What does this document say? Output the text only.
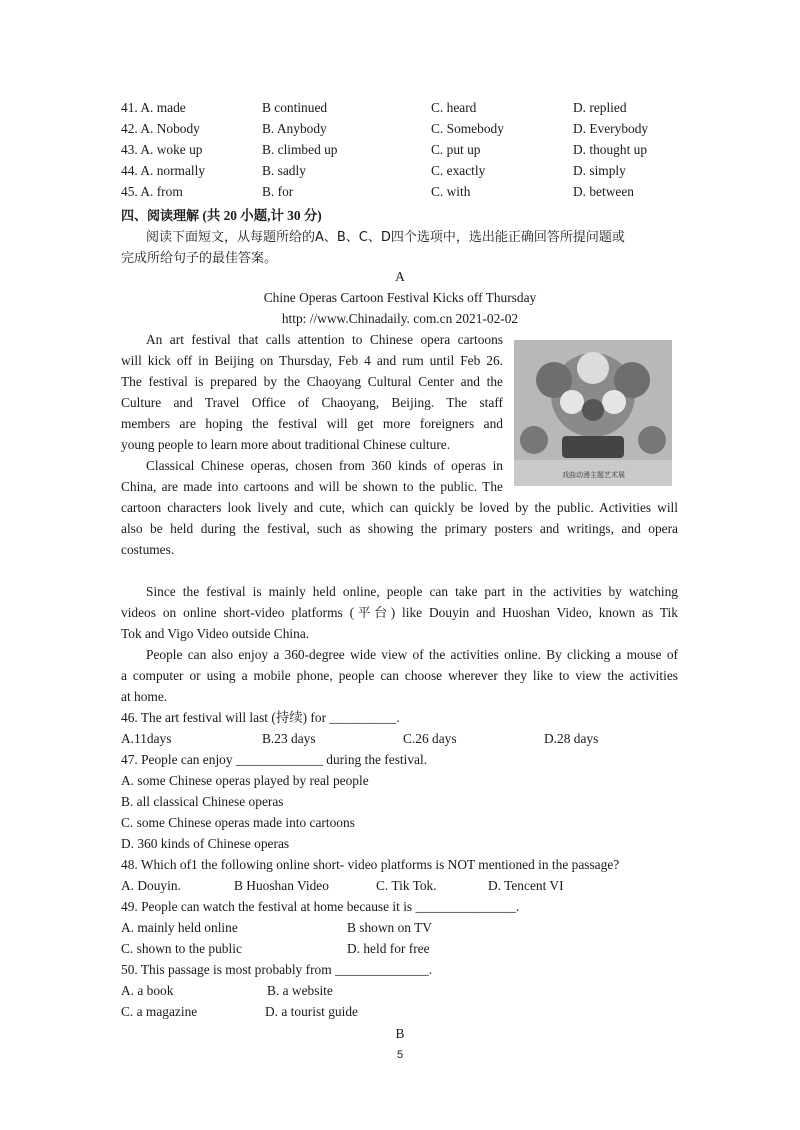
41. A. made	B continued	C. heard	D. replied
42. A. Nobody	B. Anybody	C. Somebody	D. Everybody
43. A. woke up	B. climbed up	C. put up	D. thought up
44. A. normally	B. sadly	C. exactly	D. simply
45. A. from	B. for	C. with	D. between
四、阅读理解 (共 20 小题,计 30 分)
阅读下面短文，从每题所给的A、B、C、D四个选项中，选出能正确回答所提问题或
完成所给句子的最佳答案。
A
Chine Operas Cartoon Festival Kicks off Thursday
http: //www.Chinadaily. com.cn 2021-02-02
戏曲动漫主题艺术展
An art festival that calls attention to Chinese opera cartoons
will kick off in Beijing on Thursday, Feb 4 and rum until Feb 26.
The festival is prepared by the Chaoyang Cultural Center and the
Culture and Travel Office of Chaoyang, Beijing. The staff
members are hoping the festival will get more foreigners and
young people to learn more about traditional Chinese culture.
Classical Chinese operas, chosen from 360 kinds of operas in
China, are made into cartoons and will be shown to the public. The
cartoon characters look lively and cute, which can quickly be loved by the public. Activities will
also be held during the festival, such as showing the primary posters and writings, and opera
costumes.
Since the festival is mainly held online, people can take part in the activities by watching
videos on online short-video platforms (平台) like Douyin and Huoshan Video, known as Tik
Tok and Vigo Video outside China.
People can also enjoy a 360-degree wide view of the activities online. By clicking a mouse of
a computer or using a mobile phone, people can choose wherever they like to view the activities
at home.
46. The art festival will last (持续) for __________.
A.11days	B.23 days	C.26 days	D.28 days
47. People can enjoy _____________ during the festival.
A. some Chinese operas played by real people
B. all classical Chinese operas
C. some Chinese operas made into cartoons
D. 360 kinds of Chinese operas
48. Which of1 the following online short- video platforms is NOT mentioned in the passage?
A. Douyin.	B Huoshan Video	C. Tik Tok.	D. Tencent VI
49. People can watch the festival at home because it is _______________.
A. mainly held online	B shown on TV
C. shown to the public	D. held for free
50. This passage is most probably from ______________.
A. a book	B. a website
C. a magazine	D. a tourist guide
B
5
